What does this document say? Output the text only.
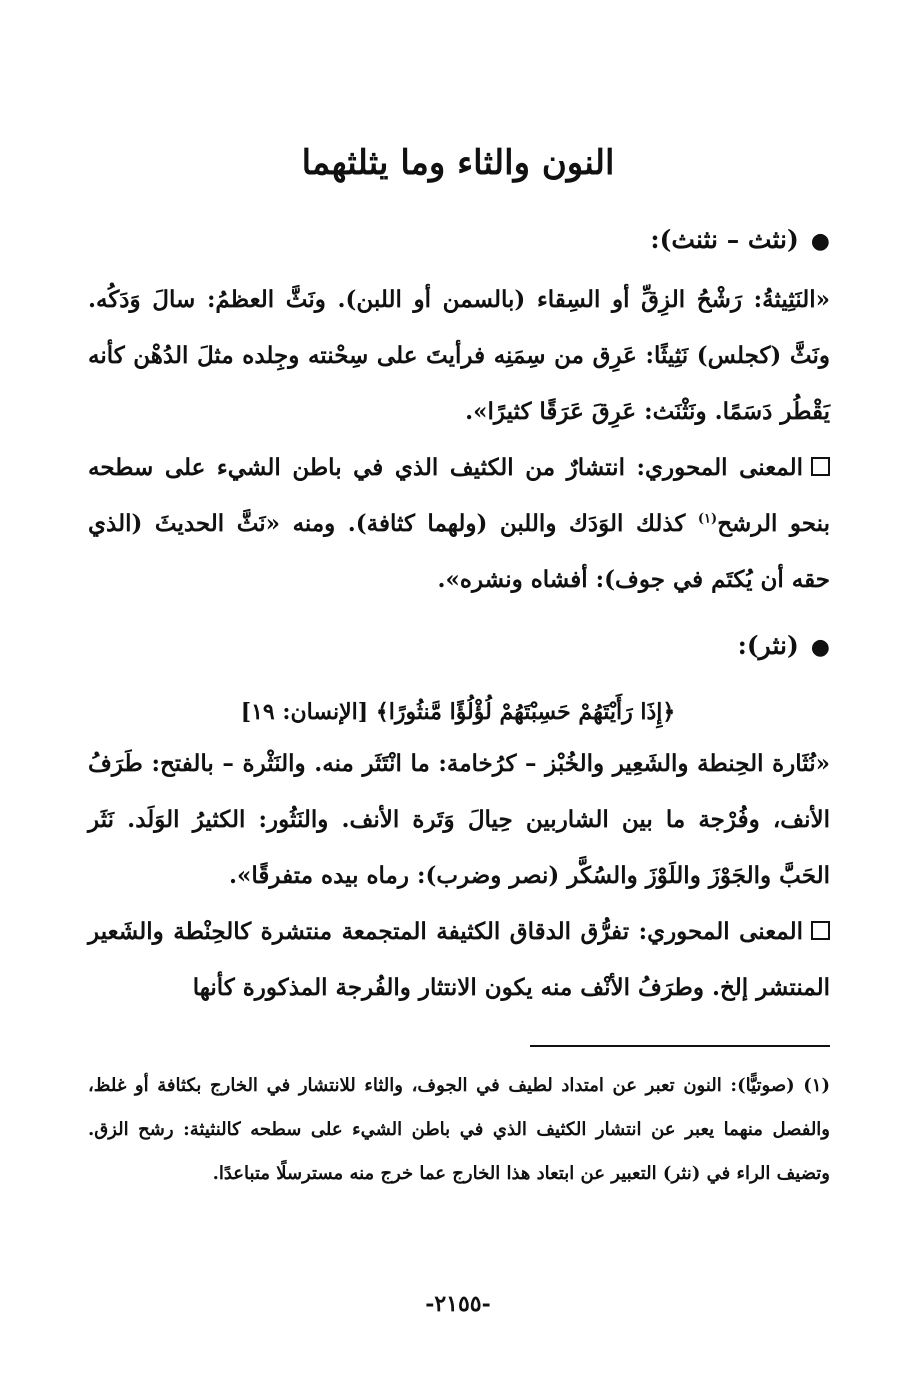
النون والثاء وما يثلثهما
●(نثث – نثنث):
«النَثِيثةُ: رَشْحُ الزِقِّ أو السِقاء (بالسمن أو اللبن). ونَثَّ العظمُ: سالَ وَدَكُه. ونَثَّ (كجلس) نَثِيثًا: عَرِق من سِمَنِه فرأيتَ على سِحْنته وجِلده مثلَ الدُهْن كأنه يَقْطُر دَسَمًا. ونَثْنَث: عَرِقَ عَرَقًا كثيرًا».
المعنى المحوري: انتشارٌ من الكثيف الذي في باطن الشيء على سطحه بنحو الرشح$^{(١)}$ كذلك الوَدَك واللبن (ولهما كثافة). ومنه «نَثَّ الحديثَ (الذي حقه أن يُكتَم في جوف): أفشاه ونشره».
●(نثر):
﴿إِذَا رَأَيْتَهُمْ حَسِبْتَهُمْ لُؤْلُؤًا مَّنثُورًا﴾ [الإنسان: ١٩]
«نُثَارة الحِنطة والشَعِير والخُبْز – كرُخامة: ما انْتَثَر منه. والنَثْرة – بالفتح: طَرَفُ الأنف، وفُرْجة ما بين الشاربين حِيالَ وَتَرة الأنف. والنَثُور: الكثيرُ الوَلَد. نَثَر الحَبَّ والجَوْزَ واللَوْزَ والسُكَّر (نصر وضرب): رماه بيده متفرقًا».
المعنى المحوري: تفرُّق الدقاق الكثيفة المتجمعة منتشرة كالحِنْطة والشَعير المنتشر إلخ. وطرَفُ الأنْف منه يكون الانتثار والفُرجة المذكورة كأنها
(١) (صوتيًّا): النون تعبر عن امتداد لطيف في الجوف، والثاء للانتشار في الخارج بكثافة أو غلظ، والفصل منهما يعبر عن انتشار الكثيف الذي في باطن الشيء على سطحه كالنثيثة: رشح الزق. وتضيف الراء في (نثر) التعبير عن ابتعاد هذا الخارج عما خرج منه مسترسلًا متباعدًا.
-٢١٥٥-
